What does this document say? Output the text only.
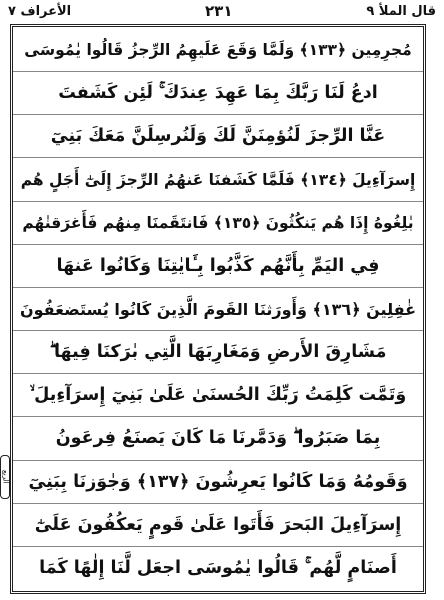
الأعراف ٧	٢٣١	قال الملأ ٩
الربع
مُجرِمِين ﴿١٣٣﴾ وَلَمَّا وَقَعَ عَلَيهِمُ الرِّجزُ قَالُوا يٰمُوسَى
ادعُ لَنَا رَبَّكَ بِمَا عَهِدَ عِندَكَ ۚ لَئِن كَشَفتَ
عَنَّا الرِّجزَ لَنُؤمِنَنَّ لَكَ وَلَنُرسِلَنَّ مَعَكَ بَنِيٓ
إِسرَآءِيلَ ﴿١٣٤﴾ فَلَمَّا كَشَفنَا عَنهُمُ الرِّجزَ إِلَىٰٓ أَجَلٍ هُم
بٰلِغُوهُ إِذَا هُم يَنكُثُونَ ﴿١٣٥﴾ فَانتَقَمنَا مِنهُم فَأَغرَقنٰهُم
فِي اليَمِّ بِأَنَّهُم كَذَّبُوا بِـَٔايٰتِنَا وَكَانُوا عَنهَا
غٰفِلِينَ ﴿١٣٦﴾ وَأَورَثنَا القَومَ الَّذِينَ كَانُوا يُستَضعَفُونَ
مَشَارِقَ الأَرضِ وَمَغَارِبَهَا الَّتِي بٰرَكنَا فِيهَا ۖ
وَتَمَّت كَلِمَتُ رَبِّكَ الحُسنَىٰ عَلَىٰ بَنِيٓ إِسرَآءِيلَ ۙ
بِمَا صَبَرُوا ۖ وَدَمَّرنَا مَا كَانَ يَصنَعُ فِرعَونُ
وَقَومُهُ وَمَا كَانُوا يَعرِشُونَ ﴿١٣٧﴾ وَجٰوَزنَا بِبَنِيٓ
إِسرَآءِيلَ البَحرَ فَأَتَوا عَلَىٰ قَومٍ يَعكُفُونَ عَلَىٰٓ
أَصنَامٍ لَّهُم ۚ قَالُوا يٰمُوسَى اجعَل لَّنَا إِلٰهًا كَمَا
